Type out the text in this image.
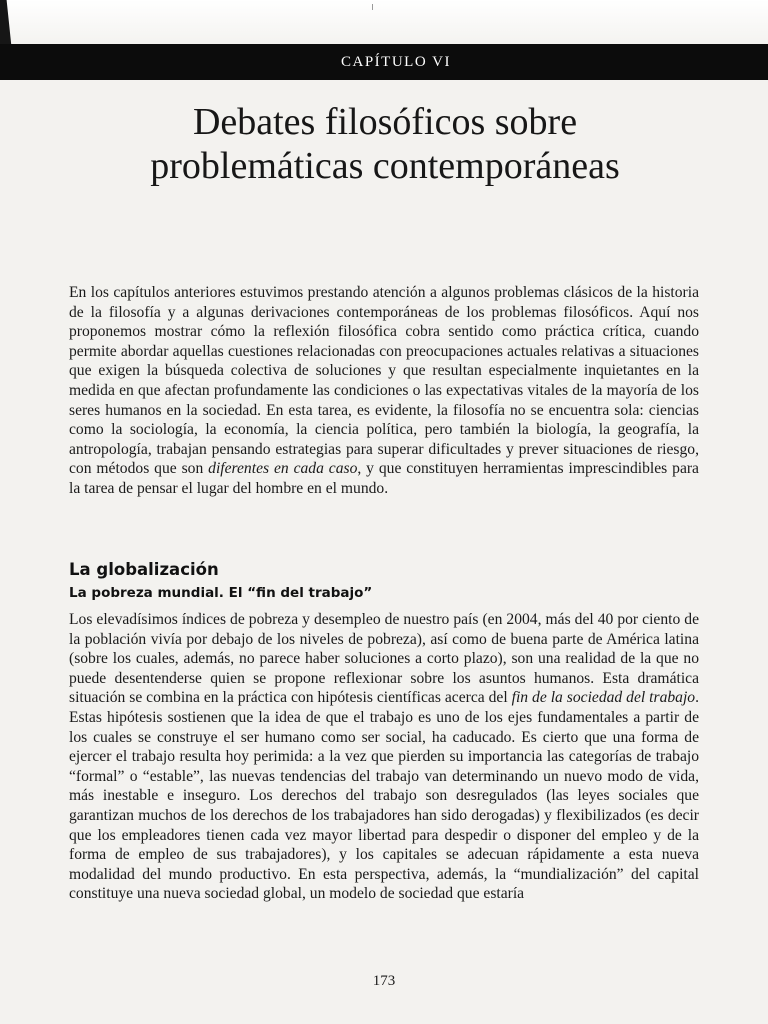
CAPÍTULO VI
Debates filosóficos sobre
problemáticas contemporáneas

En los capítulos anteriores estuvimos prestando atención a algunos problemas clásicos de la historia de la filosofía y a algunas derivaciones contemporáneas de los problemas filosóficos. Aquí nos proponemos mostrar cómo la reflexión filosófica cobra sentido como práctica crítica, cuando permite abordar aquellas cuestiones relacionadas con preocupaciones actuales relativas a situaciones que exigen la búsqueda colectiva de soluciones y que resultan especialmente inquietantes en la medida en que afectan profundamente las condiciones o las expectativas vitales de la mayoría de los seres humanos en la sociedad. En esta tarea, es evidente, la filosofía no se encuentra sola: ciencias como la sociología, la economía, la ciencia política, pero también la biología, la geografía, la antropología, trabajan pensando estrategias para superar dificultades y prever situaciones de riesgo, con métodos que son diferentes en cada caso, y que constituyen herramientas imprescindibles para la tarea de pensar el lugar del hombre en el mundo.

La globalización
La pobreza mundial. El “fin del trabajo”

Los elevadísimos índices de pobreza y desempleo de nuestro país (en 2004, más del 40 por ciento de la población vivía por debajo de los niveles de pobreza), así como de buena parte de América latina (sobre los cuales, además, no parece haber soluciones a corto plazo), son una realidad de la que no puede desentenderse quien se propone reflexionar sobre los asuntos humanos. Esta dramática situación se combina en la práctica con hipótesis científicas acerca del fin de la sociedad del trabajo. Estas hipótesis sostienen que la idea de que el trabajo es uno de los ejes fundamentales a partir de los cuales se construye el ser humano como ser social, ha caducado. Es cierto que una forma de ejercer el trabajo resulta hoy perimida: a la vez que pierden su importancia las categorías de trabajo “formal” o “estable”, las nuevas tendencias del trabajo van determinando un nuevo modo de vida, más inestable e inseguro. Los derechos del trabajo son desregulados (las leyes sociales que garantizan muchos de los derechos de los trabajadores han sido derogadas) y flexibilizados (es decir que los empleadores tienen cada vez mayor libertad para despedir o disponer del empleo y de la forma de empleo de sus trabajadores), y los capitales se adecuan rápidamente a esta nueva modalidad del mundo productivo. En esta perspectiva, además, la “mundialización” del capital constituye una nueva sociedad global, un modelo de sociedad que estaría

173
